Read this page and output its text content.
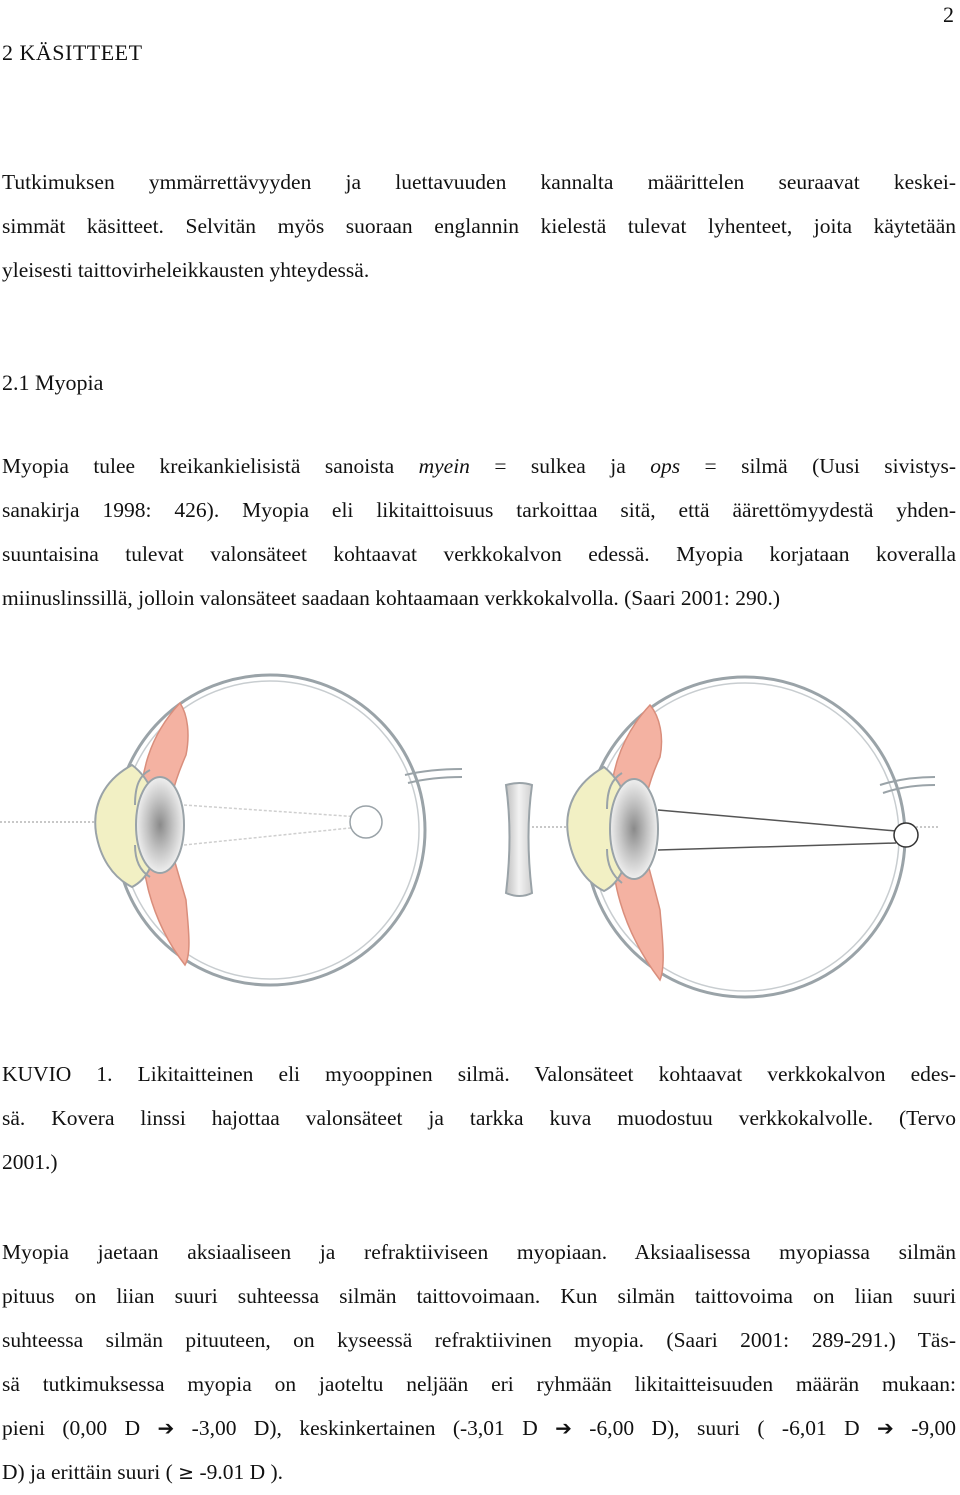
2
2 KÄSITTEET
Tutkimuksen ymmärrettävyyden ja luettavuuden kannalta määrittelen seuraavat keskei-
simmät käsitteet. Selvitän myös suoraan englannin kielestä tulevat lyhenteet, joita käytetään
yleisesti taittovirheleikkausten yhteydessä.
2.1 Myopia
Myopia tulee kreikankielisistä sanoista myein = sulkea ja ops = silmä (Uusi sivistys-
sanakirja 1998: 426). Myopia eli likitaittoisuus tarkoittaa sitä, että äärettömyydestä yhden-
suuntaisina tulevat valonsäteet kohtaavat verkkokalvon edessä. Myopia korjataan koveralla
miinuslinssillä, jolloin valonsäteet saadaan kohtaamaan verkkokalvolla. (Saari 2001: 290.)
KUVIO 1. Likitaitteinen eli myooppinen silmä. Valonsäteet kohtaavat verkkokalvon edes-
sä. Kovera linssi hajottaa valonsäteet ja tarkka kuva muodostuu verkkokalvolle. (Tervo
2001.)
Myopia jaetaan aksiaaliseen ja refraktiiviseen myopiaan. Aksiaalisessa myopiassa silmän
pituus on liian suuri suhteessa silmän taittovoimaan. Kun silmän taittovoima on liian suuri
suhteessa silmän pituuteen, on kyseessä refraktiivinen myopia. (Saari 2001: 289-291.) Täs-
sä tutkimuksessa myopia on jaoteltu neljään eri ryhmään likitaitteisuuden määrän mukaan:
pieni (0,00 D ➔ -3,00 D), keskinkertainen (-3,01 D ➔ -6,00 D), suuri ( -6,01 D ➔ -9,00
D) ja erittäin suuri ( ≥ -9.01 D ).
